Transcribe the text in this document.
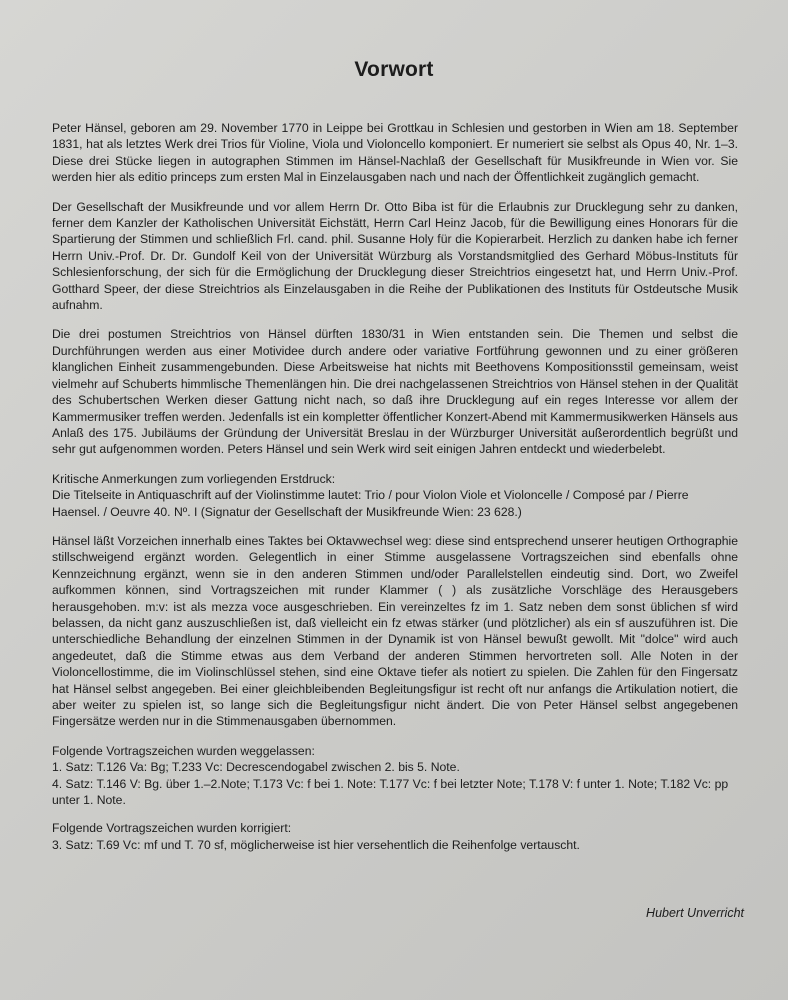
Vorwort

Peter Hänsel, geboren am 29. November 1770 in Leippe bei Grottkau in Schlesien und gestorben in Wien am 18. September 1831, hat als letztes Werk drei Trios für Violine, Viola und Violoncello komponiert. Er numeriert sie selbst als Opus 40, Nr. 1–3. Diese drei Stücke liegen in autographen Stimmen im Hänsel-Nachlaß der Gesellschaft für Musikfreunde in Wien vor. Sie werden hier als editio princeps zum ersten Mal in Einzelausgaben nach und nach der Öffentlichkeit zugänglich gemacht.

Der Gesellschaft der Musikfreunde und vor allem Herrn Dr. Otto Biba ist für die Erlaubnis zur Drucklegung sehr zu danken, ferner dem Kanzler der Katholischen Universität Eichstätt, Herrn Carl Heinz Jacob, für die Bewilligung eines Honorars für die Spartierung der Stimmen und schließlich Frl. cand. phil. Susanne Holy für die Kopierarbeit. Herzlich zu danken habe ich ferner Herrn Univ.-Prof. Dr. Dr. Gundolf Keil von der Universität Würzburg als Vorstandsmitglied des Gerhard Möbus-Instituts für Schlesienforschung, der sich für die Ermöglichung der Drucklegung dieser Streichtrios eingesetzt hat, und Herrn Univ.-Prof. Gotthard Speer, der diese Streichtrios als Einzelausgaben in die Reihe der Publikationen des Instituts für Ostdeutsche Musik aufnahm.

Die drei postumen Streichtrios von Hänsel dürften 1830/31 in Wien entstanden sein. Die Themen und selbst die Durchführungen werden aus einer Motividee durch andere oder variative Fortführung gewonnen und zu einer größeren klanglichen Einheit zusammengebunden. Diese Arbeitsweise hat nichts mit Beethovens Kompositionsstil gemeinsam, weist vielmehr auf Schuberts himmlische Themenlängen hin. Die drei nachgelassenen Streichtrios von Hänsel stehen in der Qualität des Schubertschen Werken dieser Gattung nicht nach, so daß ihre Drucklegung auf ein reges Interesse vor allem der Kammermusiker treffen werden. Jedenfalls ist ein kompletter öffentlicher Konzert-Abend mit Kammermusikwerken Hänsels aus Anlaß des 175. Jubiläums der Gründung der Universität Breslau in der Würzburger Universität außerordentlich begrüßt und sehr gut aufgenommen worden. Peters Hänsel und sein Werk wird seit einigen Jahren entdeckt und wiederbelebt.

Kritische Anmerkungen zum vorliegenden Erstdruck:
Die Titelseite in Antiquaschrift auf der Violinstimme lautet: Trio / pour Violon Viole et Violoncelle / Composé par / Pierre Haensel. / Oeuvre 40. Nº. I (Signatur der Gesellschaft der Musikfreunde Wien: 23 628.)

Hänsel läßt Vorzeichen innerhalb eines Taktes bei Oktavwechsel weg: diese sind entsprechend unserer heutigen Orthographie stillschweigend ergänzt worden. Gelegentlich in einer Stimme ausgelassene Vortragszeichen sind ebenfalls ohne Kennzeichnung ergänzt, wenn sie in den anderen Stimmen und/oder Parallelstellen eindeutig sind. Dort, wo Zweifel aufkommen können, sind Vortragszeichen mit runder Klammer ( ) als zusätzliche Vorschläge des Herausgebers herausgehoben. m:v: ist als mezza voce ausgeschrieben. Ein vereinzeltes fz im 1. Satz neben dem sonst üblichen sf wird belassen, da nicht ganz auszuschließen ist, daß vielleicht ein fz etwas stärker (und plötzlicher) als ein sf auszuführen ist. Die unterschiedliche Behandlung der einzelnen Stimmen in der Dynamik ist von Hänsel bewußt gewollt. Mit "dolce" wird auch angedeutet, daß die Stimme etwas aus dem Verband der anderen Stimmen hervortreten soll. Alle Noten in der Violoncellostimme, die im Violinschlüssel stehen, sind eine Oktave tiefer als notiert zu spielen. Die Zahlen für den Fingersatz hat Hänsel selbst angegeben. Bei einer gleichbleibenden Begleitungsfigur ist recht oft nur anfangs die Artikulation notiert, die aber weiter zu spielen ist, so lange sich die Begleitungsfigur nicht ändert. Die von Peter Hänsel selbst angegebenen Fingersätze werden nur in die Stimmenausgaben übernommen.

Folgende Vortragszeichen wurden weggelassen:
1. Satz: T.126 Va: Bg; T.233 Vc: Decrescendogabel zwischen 2. bis 5. Note.
4. Satz: T.146 V: Bg. über 1.–2.Note; T.173 Vc: f bei 1. Note: T.177 Vc: f bei letzter Note; T.178 V: f unter 1. Note; T.182 Vc: pp unter 1. Note.
Folgende Vortragszeichen wurden korrigiert:
3. Satz: T.69 Vc: mf und T. 70 sf, möglicherweise ist hier versehentlich die Reihenfolge vertauscht.
Hubert Unverricht
